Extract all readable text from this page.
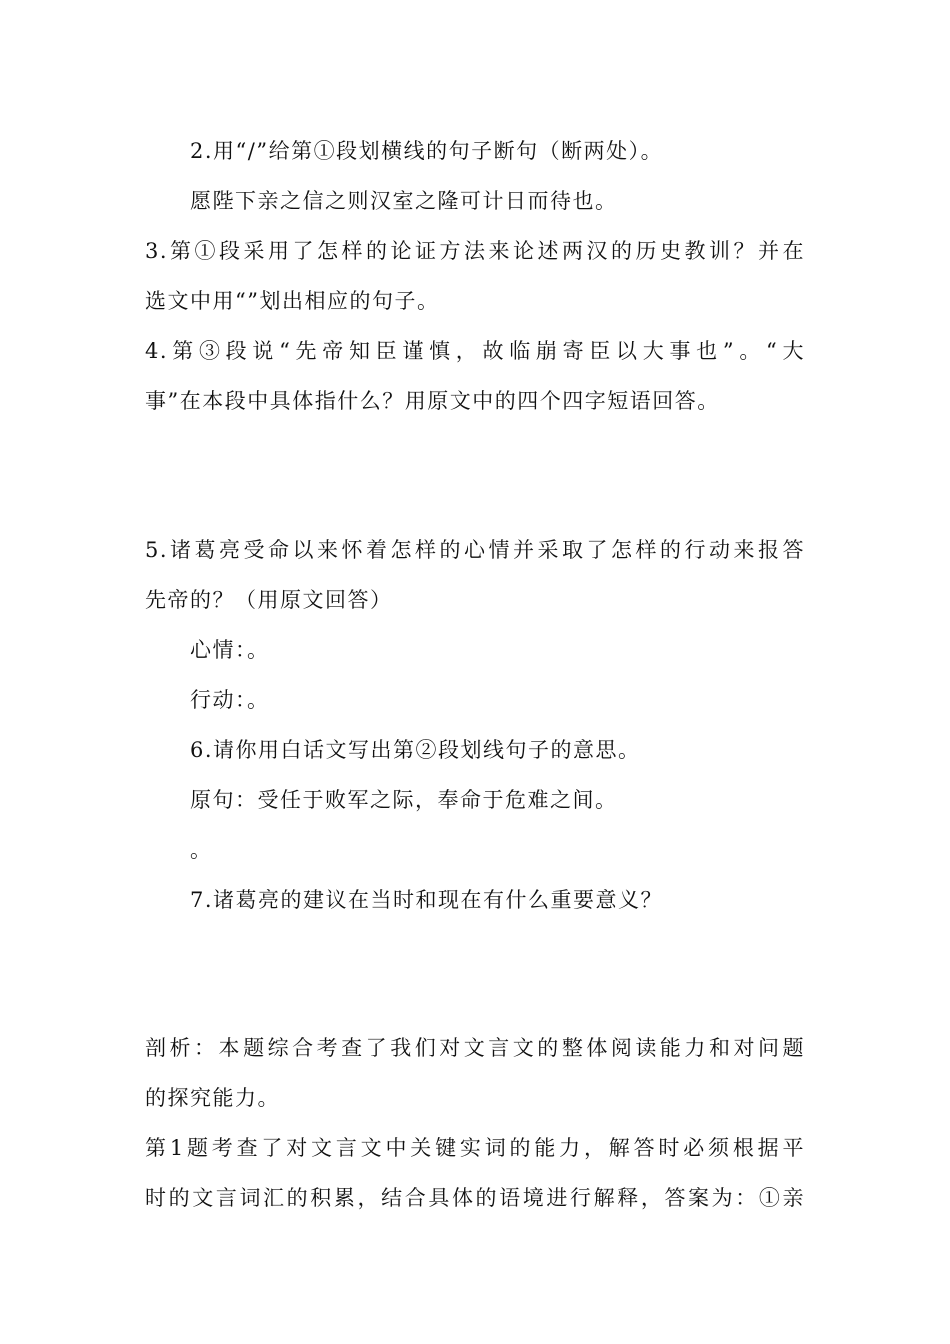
2.用“/”给第①段划横线的句子断句（断两处）。
愿陛下亲之信之则汉室之隆可计日而待也。
3.第①段采用了怎样的论证方法来论述两汉的历史教训？并在
选文中用“”划出相应的句子。
4.第③段说“先帝知臣谨慎，故临崩寄臣以大事也”。“大
事”在本段中具体指什么？用原文中的四个四字短语回答。
5.诸葛亮受命以来怀着怎样的心情并采取了怎样的行动来报答
先帝的？（用原文回答）
心情：。
行动：。
6.请你用白话文写出第②段划线句子的意思。
原句：受任于败军之际，奉命于危难之间。
。
7.诸葛亮的建议在当时和现在有什么重要意义？
剖析：本题综合考查了我们对文言文的整体阅读能力和对问题
的探究能力。
第1题考查了对文言文中关键实词的能力，解答时必须根据平
时的文言词汇的积累，结合具体的语境进行解释，答案为：①亲
